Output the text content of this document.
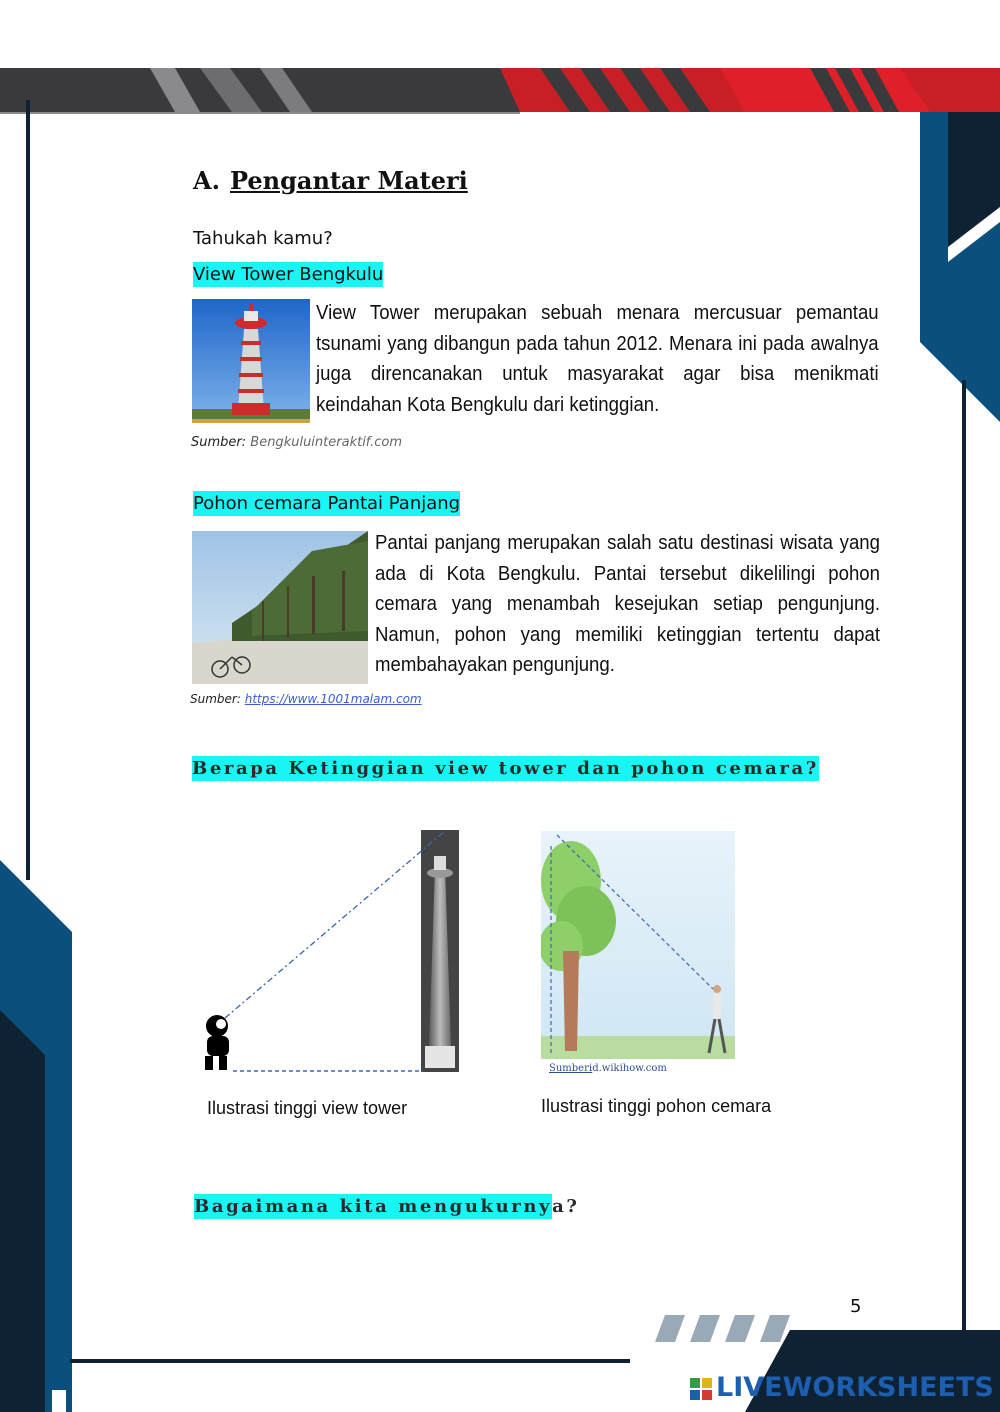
A. Pengantar Materi
Tahukah kamu?
View Tower Bengkulu
View Tower merupakan sebuah menara mercusuar pemantau tsunami yang dibangun pada tahun 2012. Menara ini pada awalnya juga direncanakan untuk masyarakat agar bisa menikmati keindahan Kota Bengkulu dari ketinggian.
Sumber: Bengkuluinteraktif.com
Pohon cemara Pantai Panjang
Pantai panjang merupakan salah satu destinasi wisata yang ada di Kota Bengkulu. Pantai tersebut dikelilingi pohon cemara yang menambah kesejukan setiap pengunjung. Namun, pohon yang memiliki ketinggian tertentu dapat membahayakan pengunjung.
Sumber: https://www.1001malam.com
Berapa Ketinggian view tower dan pohon cemara?
Sumber:
id.wikihow.com
Ilustrasi tinggi view tower	Ilustrasi tinggi pohon cemara
Bagaimana kita mengukurnya?
5
LIVEWORKSHEETS
